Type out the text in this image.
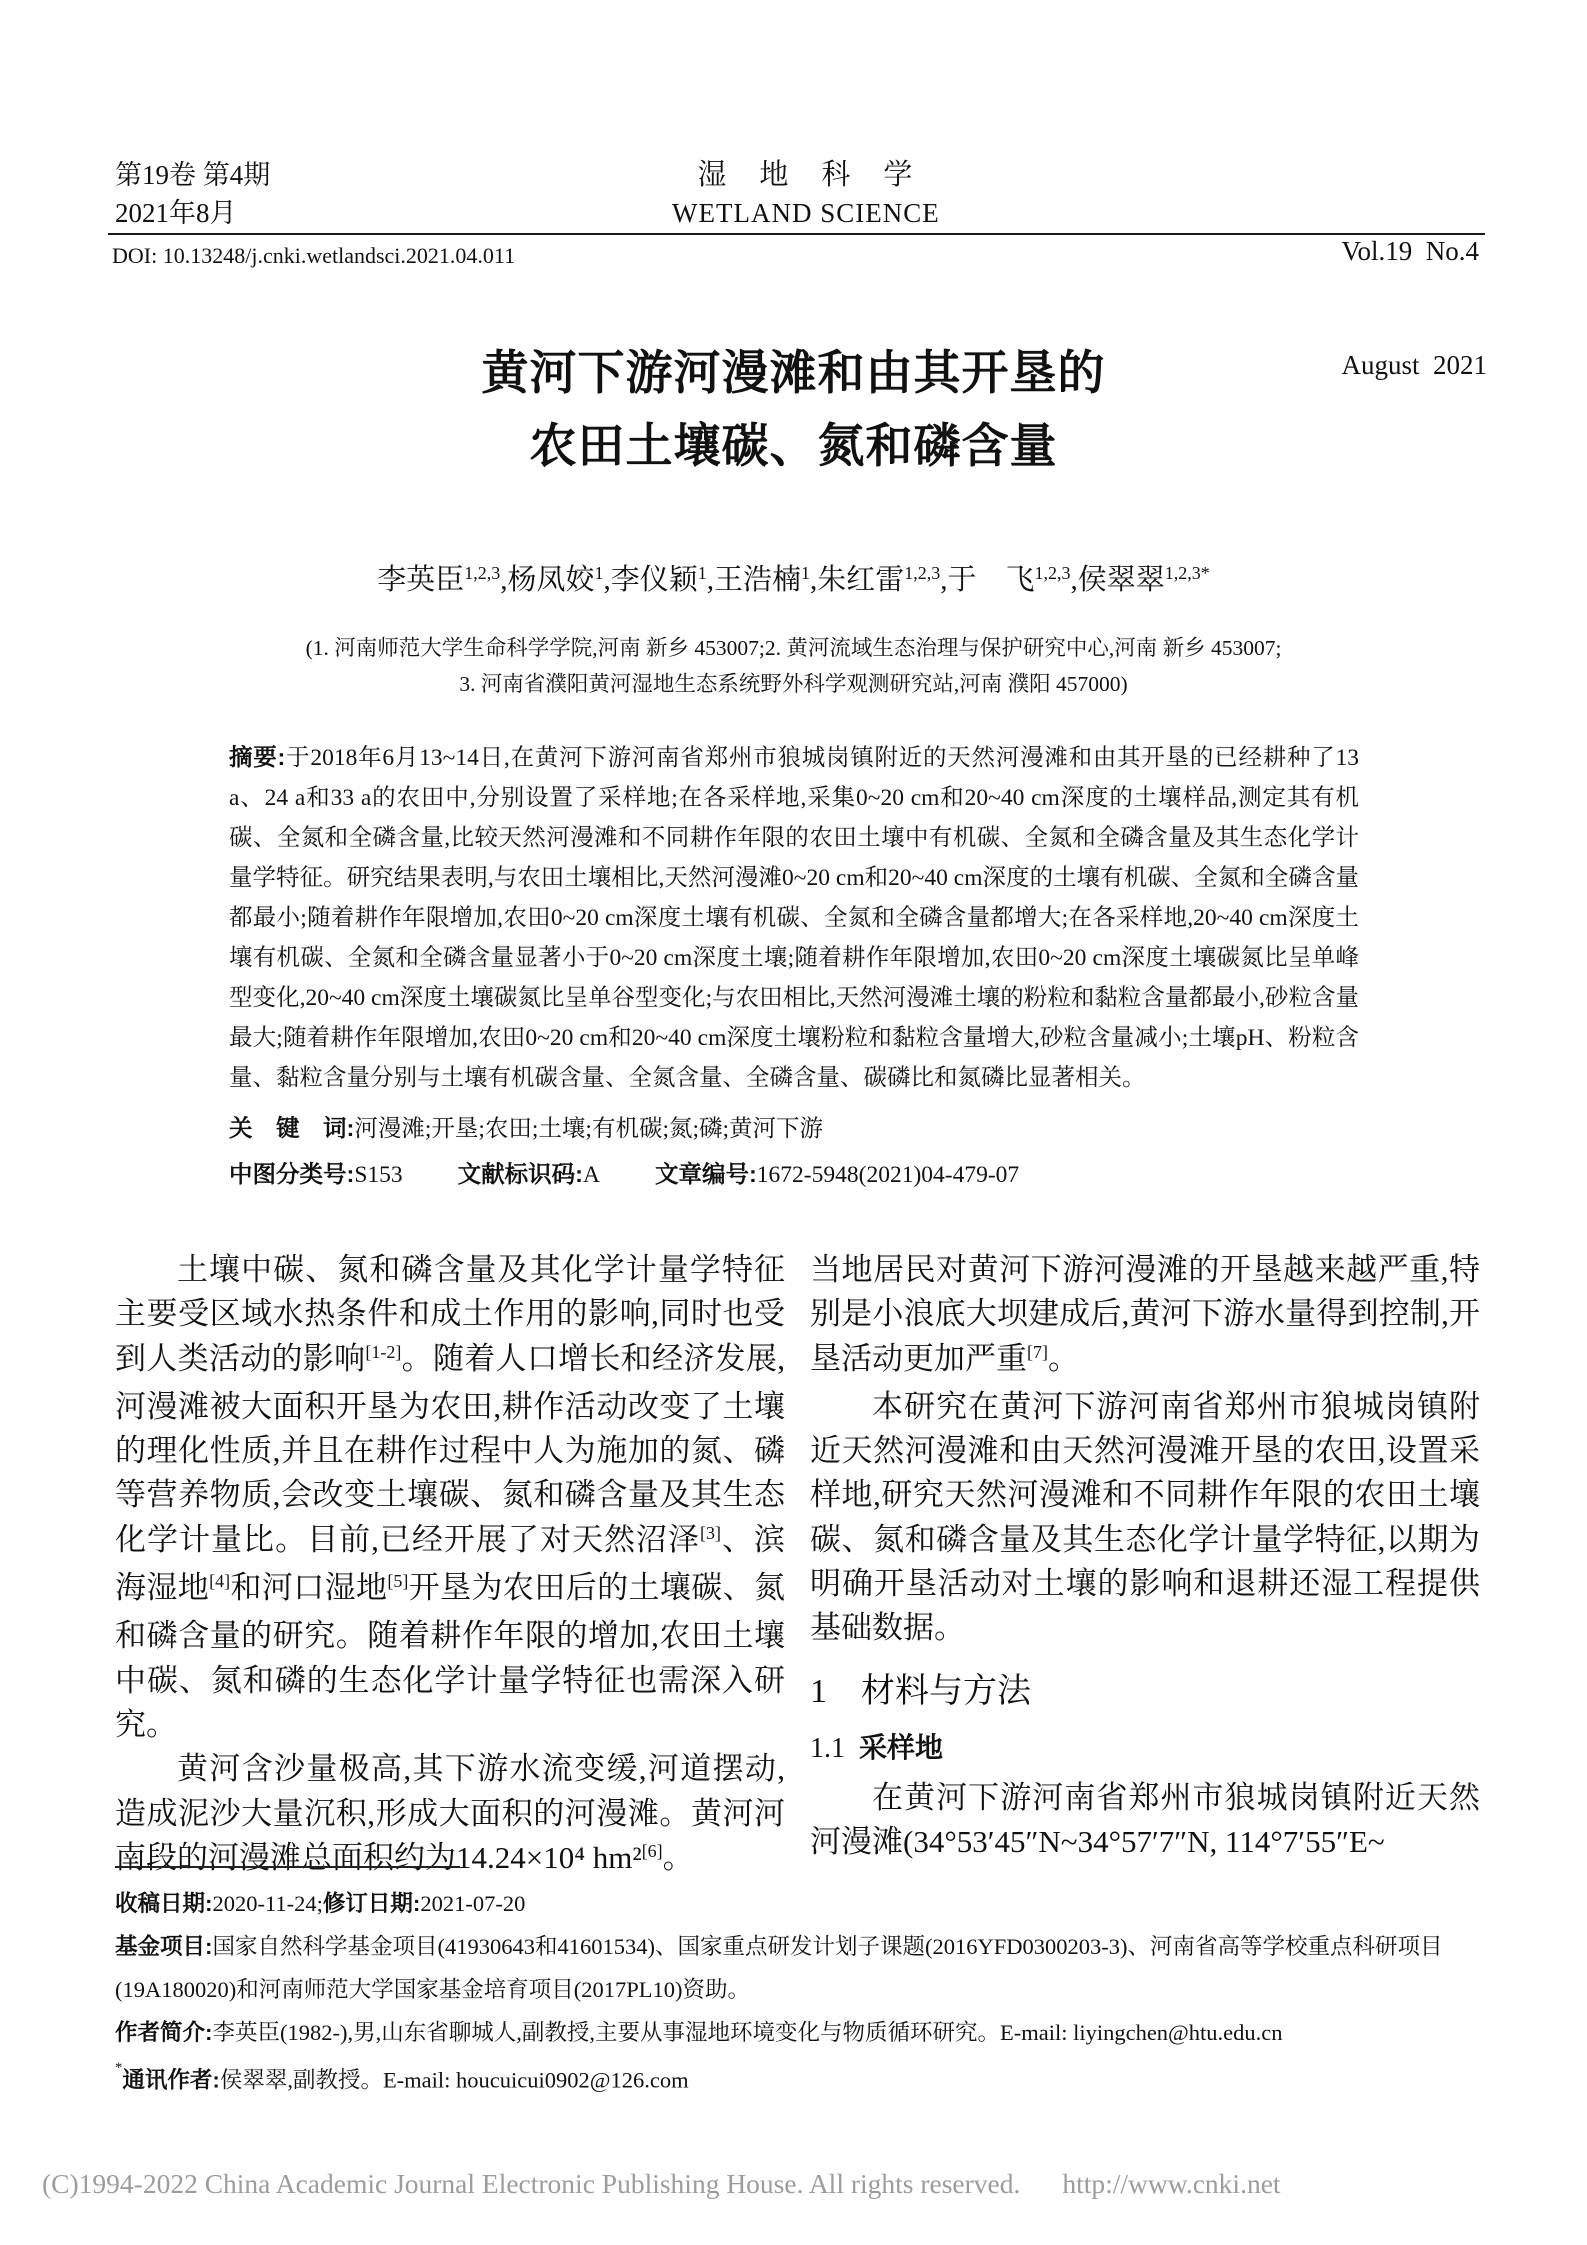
第19卷 第4期
2021年8月
湿　地　科　学
WETLAND SCIENCE

Vol.19  No.4

August  2021

DOI: 10.13248/j.cnki.wetlandsci.2021.04.011
黄河下游河漫滩和由其开垦的
农田土壤碳、氮和磷含量
李英臣$^{1,2,3}$,杨凤姣$^1$,李仪颖$^1$,王浩楠$^1$,朱红雷$^{1,2,3}$,于　飞$^{1,2,3}$,侯翠翠$^{1,2,3*}$
(1. 河南师范大学生命科学学院,河南 新乡 453007;2. 黄河流域生态治理与保护研究中心,河南 新乡 453007;
3. 河南省濮阳黄河湿地生态系统野外科学观测研究站,河南 濮阳 457000)
摘要:于2018年6月13~14日,在黄河下游河南省郑州市狼城岗镇附近的天然河漫滩和由其开垦的已经耕种了13 a、24 a和33 a的农田中,分别设置了采样地;在各采样地,采集0~20 cm和20~40 cm深度的土壤样品,测定其有机碳、全氮和全磷含量,比较天然河漫滩和不同耕作年限的农田土壤中有机碳、全氮和全磷含量及其生态化学计量学特征。研究结果表明,与农田土壤相比,天然河漫滩0~20 cm和20~40 cm深度的土壤有机碳、全氮和全磷含量都最小;随着耕作年限增加,农田0~20 cm深度土壤有机碳、全氮和全磷含量都增大;在各采样地,20~40 cm深度土壤有机碳、全氮和全磷含量显著小于0~20 cm深度土壤;随着耕作年限增加,农田0~20 cm深度土壤碳氮比呈单峰型变化,20~40 cm深度土壤碳氮比呈单谷型变化;与农田相比,天然河漫滩土壤的粉粒和黏粒含量都最小,砂粒含量最大;随着耕作年限增加,农田0~20 cm和20~40 cm深度土壤粉粒和黏粒含量增大,砂粒含量减小;土壤pH、粉粒含量、黏粒含量分别与土壤有机碳含量、全氮含量、全磷含量、碳磷比和氮磷比显著相关。
关　键　词:河漫滩;开垦;农田;土壤;有机碳;氮;磷;黄河下游
中图分类号:S153 文献标识码:A 文章编号:1672-5948(2021)04-479-07

土壤中碳、氮和磷含量及其化学计量学特征主要受区域水热条件和成土作用的影响,同时也受到人类活动的影响[1-2]。随着人口增长和经济发展,河漫滩被大面积开垦为农田,耕作活动改变了土壤的理化性质,并且在耕作过程中人为施加的氮、磷等营养物质,会改变土壤碳、氮和磷含量及其生态化学计量比。目前,已经开展了对天然沼泽[3]、滨海湿地[4]和河口湿地[5]开垦为农田后的土壤碳、氮和磷含量的研究。随着耕作年限的增加,农田土壤中碳、氮和磷的生态化学计量学特征也需深入研究。

黄河含沙量极高,其下游水流变缓,河道摆动,造成泥沙大量沉积,形成大面积的河漫滩。黄河河南段的河漫滩总面积约为14.24×10⁴ hm²[6]。

当地居民对黄河下游河漫滩的开垦越来越严重,特别是小浪底大坝建成后,黄河下游水量得到控制,开垦活动更加严重[7]。

本研究在黄河下游河南省郑州市狼城岗镇附近天然河漫滩和由天然河漫滩开垦的农田,设置采样地,研究天然河漫滩和不同耕作年限的农田土壤碳、氮和磷含量及其生态化学计量学特征,以期为明确开垦活动对土壤的影响和退耕还湿工程提供基础数据。

1　材料与方法
1.1 采样地

在黄河下游河南省郑州市狼城岗镇附近天然河漫滩(34°53′45″N~34°57′7″N, 114°7′55″E~

收稿日期:2020-11-24;修订日期:2021-07-20
基金项目:国家自然科学基金项目(41930643和41601534)、国家重点研发计划子课题(2016YFD0300203-3)、河南省高等学校重点科研项目
(19A180020)和河南师范大学国家基金培育项目(2017PL10)资助。
作者简介:李英臣(1982-),男,山东省聊城人,副教授,主要从事湿地环境变化与物质循环研究。E-mail: liyingchen@htu.edu.cn
*通讯作者:侯翠翠,副教授。E-mail: houcuicui0902@126.com
(C)1994-2022 China Academic Journal Electronic Publishing House. All rights reserved. http://www.cnki.net
